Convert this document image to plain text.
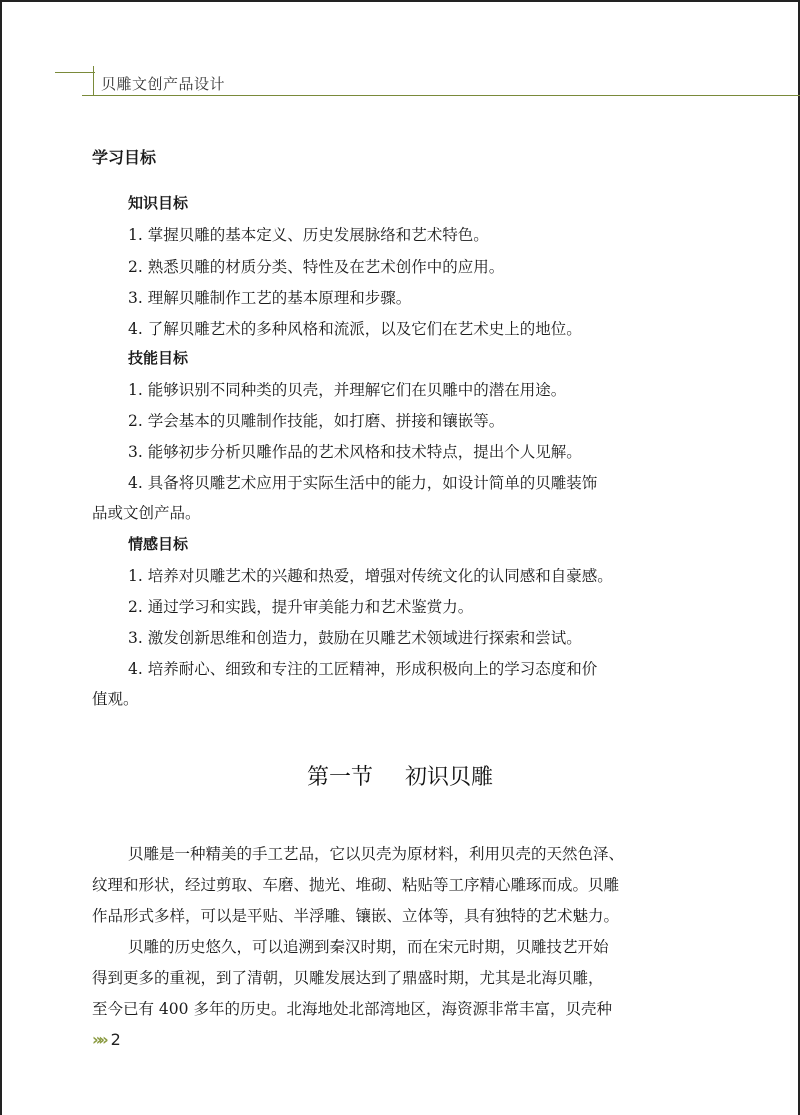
贝雕文创产品设计
学习目标
知识目标
1. 掌握贝雕的基本定义、历史发展脉络和艺术特色。
2. 熟悉贝雕的材质分类、特性及在艺术创作中的应用。
3. 理解贝雕制作工艺的基本原理和步骤。
4. 了解贝雕艺术的多种风格和流派，以及它们在艺术史上的地位。
技能目标
1. 能够识别不同种类的贝壳，并理解它们在贝雕中的潜在用途。
2. 学会基本的贝雕制作技能，如打磨、拼接和镶嵌等。
3. 能够初步分析贝雕作品的艺术风格和技术特点，提出个人见解。
4. 具备将贝雕艺术应用于实际生活中的能力，如设计简单的贝雕装饰
品或文创产品。
情感目标
1. 培养对贝雕艺术的兴趣和热爱，增强对传统文化的认同感和自豪感。
2. 通过学习和实践，提升审美能力和艺术鉴赏力。
3. 激发创新思维和创造力，鼓励在贝雕艺术领域进行探索和尝试。
4. 培养耐心、细致和专注的工匠精神，形成积极向上的学习态度和价
值观。
第一节 初识贝雕
贝雕是一种精美的手工艺品，它以贝壳为原材料，利用贝壳的天然色泽、
纹理和形状，经过剪取、车磨、抛光、堆砌、粘贴等工序精心雕琢而成。贝雕
作品形式多样，可以是平贴、半浮雕、镶嵌、立体等，具有独特的艺术魅力。
贝雕的历史悠久，可以追溯到秦汉时期，而在宋元时期，贝雕技艺开始
得到更多的重视，到了清朝，贝雕发展达到了鼎盛时期，尤其是北海贝雕，
至今已有 400 多年的历史。北海地处北部湾地区，海资源非常丰富，贝壳种
»» 2
